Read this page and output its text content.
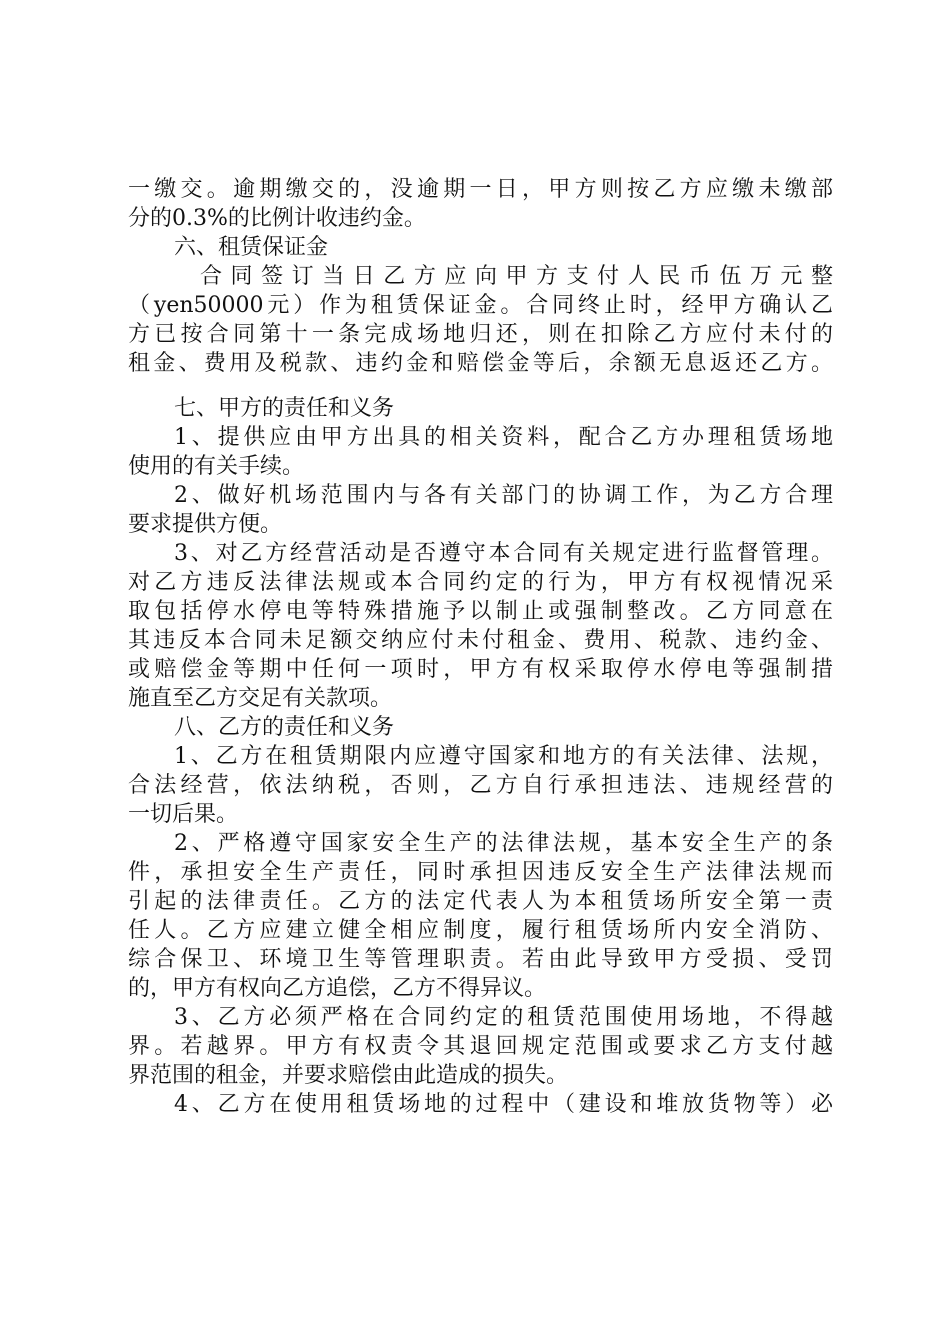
一缴交。逾期缴交的，没逾期一日，甲方则按乙方应缴未缴部
分的0.3%的比例计收违约金。
六、租赁保证金
合同签订当日乙方应向甲方支付人民币伍万元整
（yen50000元）作为租赁保证金。合同终止时，经甲方确认乙
方已按合同第十一条完成场地归还，则在扣除乙方应付未付的
租金、费用及税款、违约金和赔偿金等后，余额无息返还乙方。
七、甲方的责任和义务
1、提供应由甲方出具的相关资料，配合乙方办理租赁场地
使用的有关手续。
2、做好机场范围内与各有关部门的协调工作，为乙方合理
要求提供方便。
3、对乙方经营活动是否遵守本合同有关规定进行监督管理。
对乙方违反法律法规或本合同约定的行为，甲方有权视情况采
取包括停水停电等特殊措施予以制止或强制整改。乙方同意在
其违反本合同未足额交纳应付未付租金、费用、税款、违约金、
或赔偿金等期中任何一项时，甲方有权采取停水停电等强制措
施直至乙方交足有关款项。
八、乙方的责任和义务
1、乙方在租赁期限内应遵守国家和地方的有关法律、法规，
合法经营，依法纳税，否则，乙方自行承担违法、违规经营的
一切后果。
2、严格遵守国家安全生产的法律法规，基本安全生产的条
件，承担安全生产责任，同时承担因违反安全生产法律法规而
引起的法律责任。乙方的法定代表人为本租赁场所安全第一责
任人。乙方应建立健全相应制度，履行租赁场所内安全消防、
综合保卫、环境卫生等管理职责。若由此导致甲方受损、受罚
的，甲方有权向乙方追偿，乙方不得异议。
3、乙方必须严格在合同约定的租赁范围使用场地，不得越
界。若越界。甲方有权责令其退回规定范围或要求乙方支付越
界范围的租金，并要求赔偿由此造成的损失。
4、乙方在使用租赁场地的过程中（建设和堆放货物等）必
